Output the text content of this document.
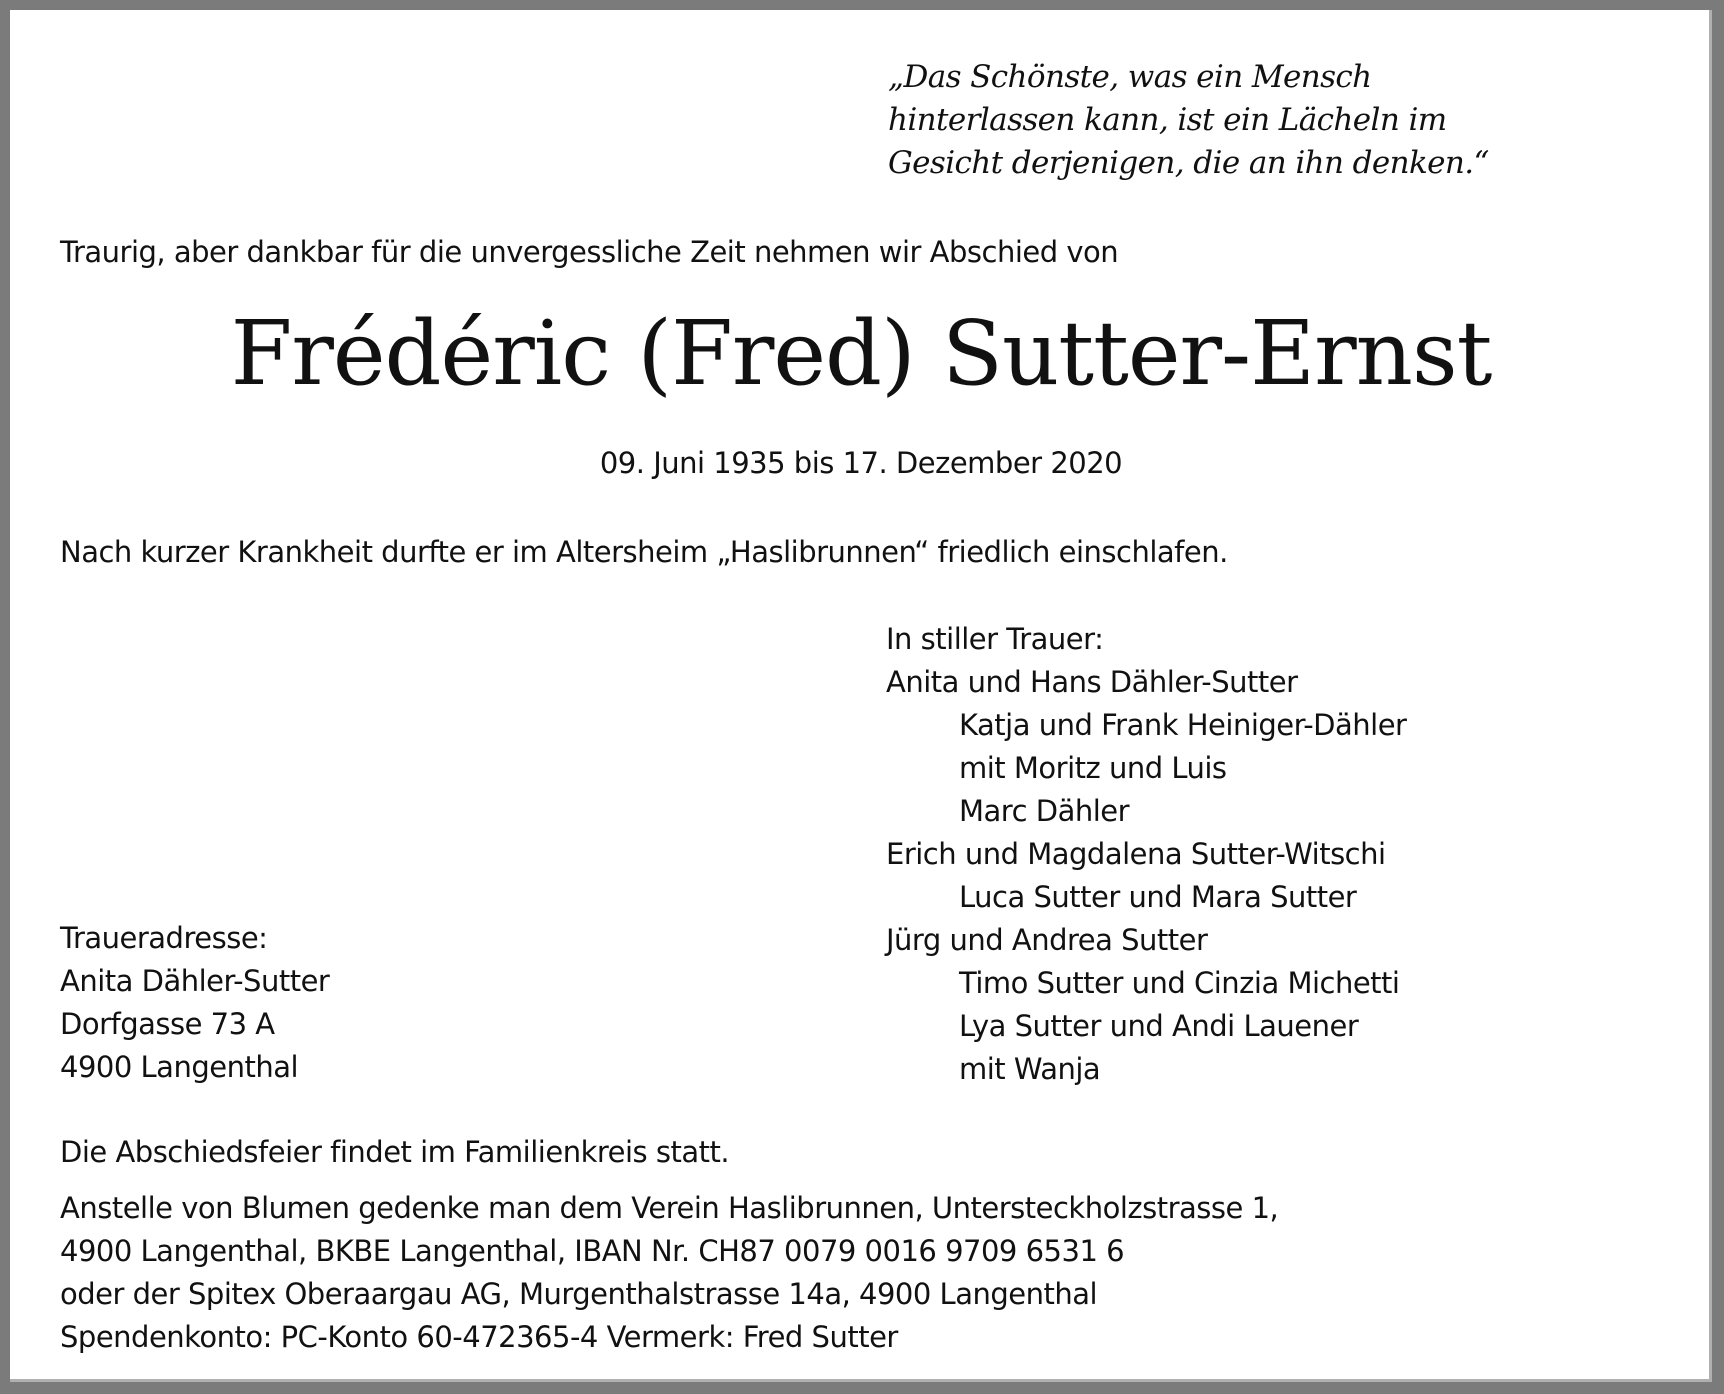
„Das Schönste, was ein Mensch
hinterlassen kann, ist ein Lächeln im
Gesicht derjenigen, die an ihn denken.“
Traurig, aber dankbar für die unvergessliche Zeit nehmen wir Abschied von
Frédéric (Fred) Sutter-Ernst
09. Juni 1935 bis 17. Dezember 2020
Nach kurzer Krankheit durfte er im Altersheim „Haslibrunnen“ friedlich einschlafen.
In stiller Trauer:
Anita und Hans Dähler-Sutter
Katja und Frank Heiniger-Dähler
mit Moritz und Luis
Marc Dähler
Erich und Magdalena Sutter-Witschi
Luca Sutter und Mara Sutter
Jürg und Andrea Sutter
Timo Sutter und Cinzia Michetti
Lya Sutter und Andi Lauener
mit Wanja
Traueradresse:
Anita Dähler-Sutter
Dorfgasse 73 A
4900 Langenthal
Die Abschiedsfeier findet im Familienkreis statt.
Anstelle von Blumen gedenke man dem Verein Haslibrunnen, Untersteckholzstrasse 1,
4900 Langenthal, BKBE Langenthal, IBAN Nr. CH87 0079 0016 9709 6531 6
oder der Spitex Oberaargau AG, Murgenthalstrasse 14a, 4900 Langenthal
Spendenkonto: PC-Konto 60-472365-4 Vermerk: Fred Sutter
